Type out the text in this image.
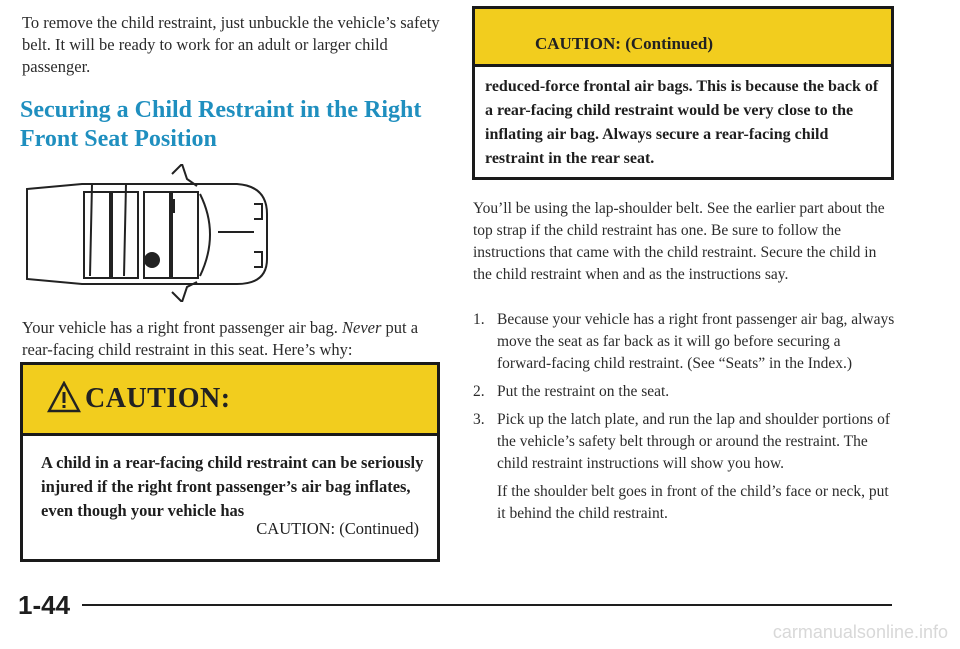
To remove the child restraint, just unbuckle the vehicle’s safety belt. It will be ready to work for an adult or larger child passenger.

Securing a Child Restraint in the Right Front Seat Position

Your vehicle has a right front passenger air bag. Never put a rear-facing child restraint in this seat. Here’s why:

CAUTION:

A child in a rear-facing child restraint can be seriously injured if the right front passenger’s air bag inflates, even though your vehicle has

CAUTION: (Continued)
CAUTION: (Continued)

reduced-force frontal air bags. This is because the back of a rear-facing child restraint would be very close to the inflating air bag. Always secure a rear-facing child restraint in the rear seat.

You’ll be using the lap-shoulder belt. See the earlier part about the top strap if the child restraint has one. Be sure to follow the instructions that came with the child restraint. Secure the child in the child restraint when and as the instructions say.

1. Because your vehicle has a right front passenger air bag, always move the seat as far back as it will go before securing a forward-facing child restraint. (See “Seats” in the Index.)
2. Put the restraint on the seat.
3. Pick up the latch plate, and run the lap and shoulder portions of the vehicle’s safety belt through or around the restraint. The child restraint instructions will show you how.

If the shoulder belt goes in front of the child’s face or neck, put it behind the child restraint.

1-44
carmanualsonline.info
